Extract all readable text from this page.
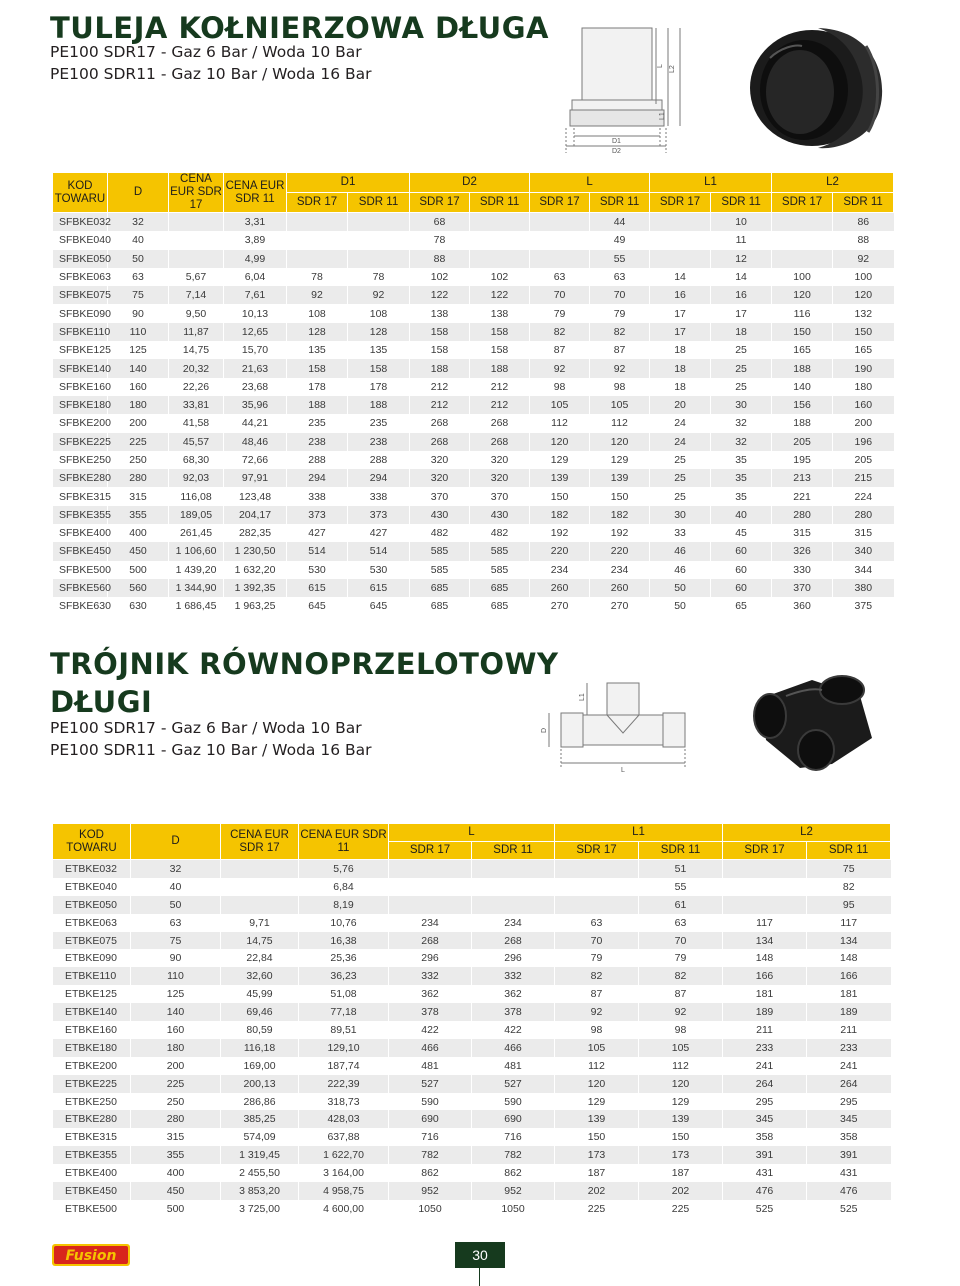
TULEJA KOŁNIERZOWA DŁUGA

PE100 SDR17 - Gaz 6 Bar / Woda 10 Bar

PE100 SDR11 - Gaz 10 Bar / Woda 16 Bar

D1
D2
L L2
L1
KOD TOWARU	D	CENA EUR SDR 17	CENA EUR SDR 11	D1		D2		L		L1		L2	
				SDR 17	SDR 11	SDR 17	SDR 11	SDR 17	SDR 11	SDR 17	SDR 11	SDR 17	SDR 11
SFBKE032	32		3,31			68			44		10		86
SFBKE040	40		3,89			78			49		11		88
SFBKE050	50		4,99			88			55		12		92
SFBKE063	63	5,67	6,04	78	78	102	102	63	63	14	14	100	100
SFBKE075	75	7,14	7,61	92	92	122	122	70	70	16	16	120	120
SFBKE090	90	9,50	10,13	108	108	138	138	79	79	17	17	116	132
SFBKE110	110	11,87	12,65	128	128	158	158	82	82	17	18	150	150
SFBKE125	125	14,75	15,70	135	135	158	158	87	87	18	25	165	165
SFBKE140	140	20,32	21,63	158	158	188	188	92	92	18	25	188	190
SFBKE160	160	22,26	23,68	178	178	212	212	98	98	18	25	140	180
SFBKE180	180	33,81	35,96	188	188	212	212	105	105	20	30	156	160
SFBKE200	200	41,58	44,21	235	235	268	268	112	112	24	32	188	200
SFBKE225	225	45,57	48,46	238	238	268	268	120	120	24	32	205	196
SFBKE250	250	68,30	72,66	288	288	320	320	129	129	25	35	195	205
SFBKE280	280	92,03	97,91	294	294	320	320	139	139	25	35	213	215
SFBKE315	315	116,08	123,48	338	338	370	370	150	150	25	35	221	224
SFBKE355	355	189,05	204,17	373	373	430	430	182	182	30	40	280	280
SFBKE400	400	261,45	282,35	427	427	482	482	192	192	33	45	315	315
SFBKE450	450	1 106,60	1 230,50	514	514	585	585	220	220	46	60	326	340
SFBKE500	500	1 439,20	1 632,20	530	530	585	585	234	234	46	60	330	344
SFBKE560	560	1 344,90	1 392,35	615	615	685	685	260	260	50	60	370	380
SFBKE630	630	1 686,45	1 963,25	645	645	685	685	270	270	50	65	360	375
TRÓJNIK RÓWNOPRZELOTOWY
DŁUGI

PE100 SDR17 - Gaz 6 Bar / Woda 10 Bar

PE100 SDR11 - Gaz 10 Bar / Woda 16 Bar

L1
D
L
KOD TOWARU	D	CENA EUR SDR 17	CENA EUR SDR 11	L		L1		L2	
				SDR 17	SDR 11	SDR 17	SDR 11	SDR 17	SDR 11
ETBKE032	32		5,76				51		75
ETBKE040	40		6,84				55		82
ETBKE050	50		8,19				61		95
ETBKE063	63	9,71	10,76	234	234	63	63	117	117
ETBKE075	75	14,75	16,38	268	268	70	70	134	134
ETBKE090	90	22,84	25,36	296	296	79	79	148	148
ETBKE110	110	32,60	36,23	332	332	82	82	166	166
ETBKE125	125	45,99	51,08	362	362	87	87	181	181
ETBKE140	140	69,46	77,18	378	378	92	92	189	189
ETBKE160	160	80,59	89,51	422	422	98	98	211	211
ETBKE180	180	116,18	129,10	466	466	105	105	233	233
ETBKE200	200	169,00	187,74	481	481	112	112	241	241
ETBKE225	225	200,13	222,39	527	527	120	120	264	264
ETBKE250	250	286,86	318,73	590	590	129	129	295	295
ETBKE280	280	385,25	428,03	690	690	139	139	345	345
ETBKE315	315	574,09	637,88	716	716	150	150	358	358
ETBKE355	355	1 319,45	1 622,70	782	782	173	173	391	391
ETBKE400	400	2 455,50	3 164,00	862	862	187	187	431	431
ETBKE450	450	3 853,20	4 958,75	952	952	202	202	476	476
ETBKE500	500	3 725,00	4 600,00	1050	1050	225	225	525	525
Fusion	30
